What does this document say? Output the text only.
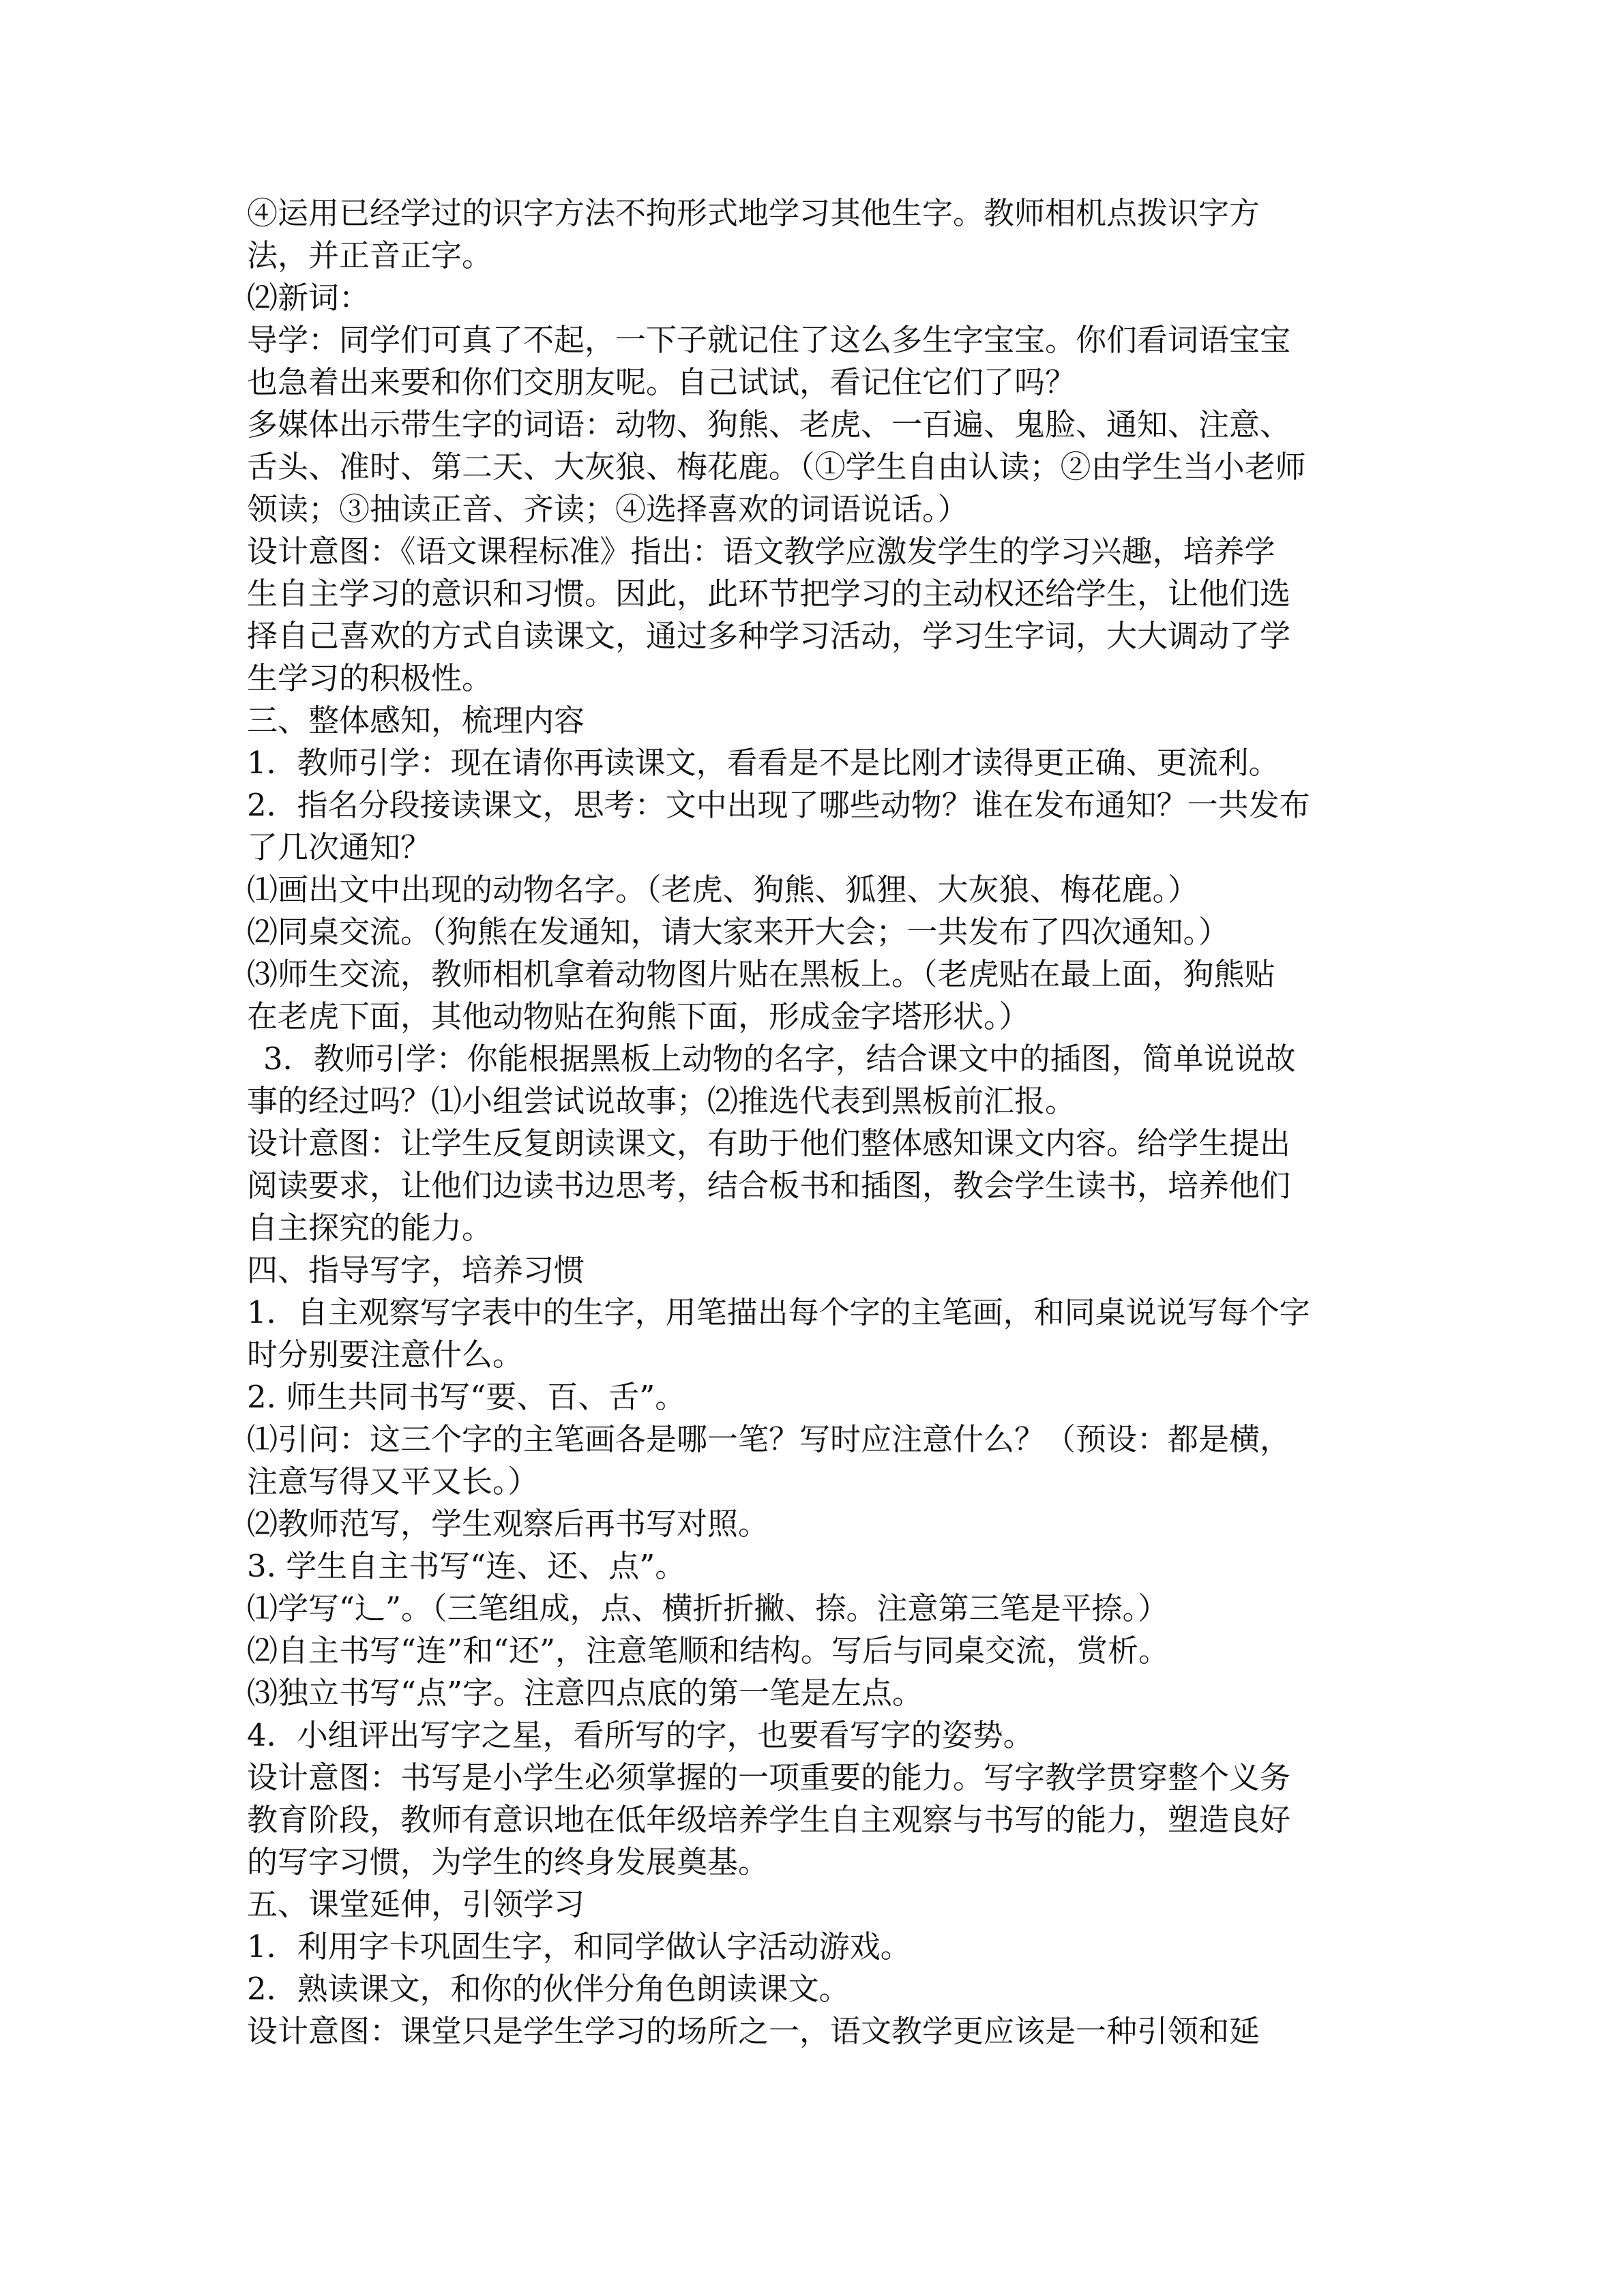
④运用已经学过的识字方法不拘形式地学习其他生字。教师相机点拨识字方
法，并正音正字。
⑵新词：
导学：同学们可真了不起，一下子就记住了这么多生字宝宝。你们看词语宝宝
也急着出来要和你们交朋友呢。自己试试，看记住它们了吗？
多媒体出示带生字的词语：动物、狗熊、老虎、一百遍、鬼脸、通知、注意、
舌头、准时、第二天、大灰狼、梅花鹿。（①学生自由认读；②由学生当小老师
领读；③抽读正音、齐读；④选择喜欢的词语说话。）
设计意图：《语文课程标准》指出：语文教学应激发学生的学习兴趣，培养学
生自主学习的意识和习惯。因此，此环节把学习的主动权还给学生，让他们选
择自己喜欢的方式自读课文，通过多种学习活动，学习生字词，大大调动了学
生学习的积极性。
三、整体感知，梳理内容
1．教师引学：现在请你再读课文，看看是不是比刚才读得更正确、更流利。
2．指名分段接读课文，思考：文中出现了哪些动物？谁在发布通知？一共发布
了几次通知？
⑴画出文中出现的动物名字。（老虎、狗熊、狐狸、大灰狼、梅花鹿。）
⑵同桌交流。（狗熊在发通知，请大家来开大会；一共发布了四次通知。）
⑶师生交流，教师相机拿着动物图片贴在黑板上。（老虎贴在最上面，狗熊贴
在老虎下面，其他动物贴在狗熊下面，形成金字塔形状。）
3．教师引学：你能根据黑板上动物的名字，结合课文中的插图，简单说说故
事的经过吗？⑴小组尝试说故事；⑵推选代表到黑板前汇报。
设计意图：让学生反复朗读课文，有助于他们整体感知课文内容。给学生提出
阅读要求，让他们边读书边思考，结合板书和插图，教会学生读书，培养他们
自主探究的能力。
四、指导写字，培养习惯
1．自主观察写字表中的生字，用笔描出每个字的主笔画，和同桌说说写每个字
时分别要注意什么。
2. 师生共同书写“要、百、舌”。
⑴引问：这三个字的主笔画各是哪一笔？写时应注意什么？（预设：都是横，
注意写得又平又长。）
⑵教师范写，学生观察后再书写对照。
3. 学生自主书写“连、还、点”。
⑴学写“辶”。（三笔组成，点、横折折撇、捺。注意第三笔是平捺。）
⑵自主书写“连”和“还”，注意笔顺和结构。写后与同桌交流，赏析。
⑶独立书写“点”字。注意四点底的第一笔是左点。
4．小组评出写字之星，看所写的字，也要看写字的姿势。
设计意图：书写是小学生必须掌握的一项重要的能力。写字教学贯穿整个义务
教育阶段，教师有意识地在低年级培养学生自主观察与书写的能力，塑造良好
的写字习惯，为学生的终身发展奠基。
五、课堂延伸，引领学习
1．利用字卡巩固生字，和同学做认字活动游戏。
2．熟读课文，和你的伙伴分角色朗读课文。
设计意图：课堂只是学生学习的场所之一，语文教学更应该是一种引领和延
